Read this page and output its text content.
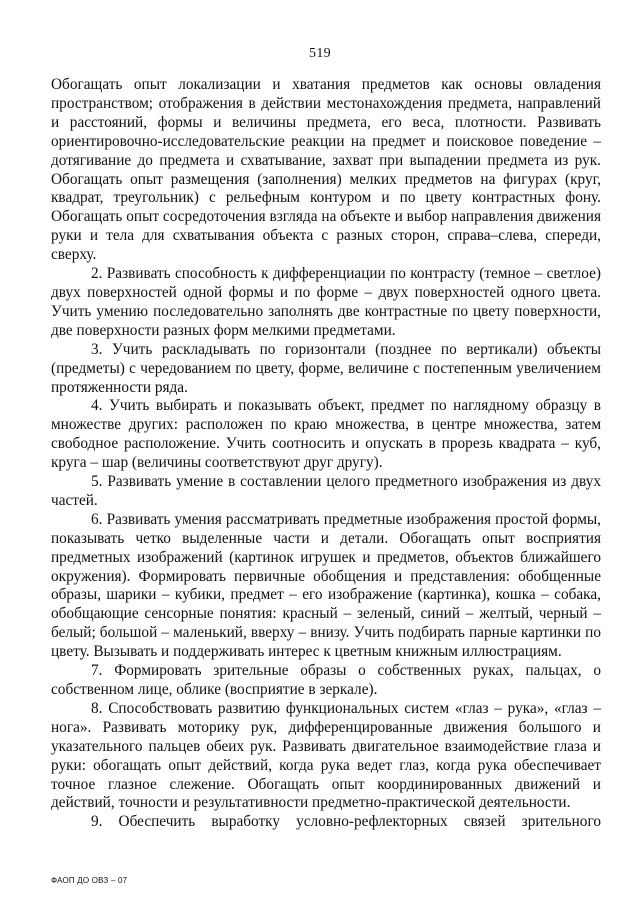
519

Обогащать опыт локализации и хватания предметов как основы овладения пространством; отображения в действии местонахождения предмета, направлений и расстояний, формы и величины предмета, его веса, плотности. Развивать ориентировочно-исследовательские реакции на предмет и поисковое поведение – дотягивание до предмета и схватывание, захват при выпадении предмета из рук. Обогащать опыт размещения (заполнения) мелких предметов на фигурах (круг, квадрат, треугольник) с рельефным контуром и по цвету контрастных фону. Обогащать опыт сосредоточения взгляда на объекте и выбор направления движения руки и тела для схватывания объекта с разных сторон, справа–слева, спереди, сверху.

2. Развивать способность к дифференциации по контрасту (темное – светлое) двух поверхностей одной формы и по форме – двух поверхностей одного цвета. Учить умению последовательно заполнять две контрастные по цвету поверхности, две поверхности разных форм мелкими предметами.

3. Учить раскладывать по горизонтали (позднее по вертикали) объекты (предметы) с чередованием по цвету, форме, величине с постепенным увеличением протяженности ряда.

4. Учить выбирать и показывать объект, предмет по наглядному образцу в множестве других: расположен по краю множества, в центре множества, затем свободное расположение. Учить соотносить и опускать в прорезь квадрата – куб, круга – шар (величины соответствуют друг другу).

5. Развивать умение в составлении целого предметного изображения из двух частей.

6. Развивать умения рассматривать предметные изображения простой формы, показывать четко выделенные части и детали. Обогащать опыт восприятия предметных изображений (картинок игрушек и предметов, объектов ближайшего окружения). Формировать первичные обобщения и представления: обобщенные образы, шарики – кубики, предмет – его изображение (картинка), кошка – собака, обобщающие сенсорные понятия: красный – зеленый, синий – желтый, черный – белый; большой – маленький, вверху – внизу. Учить подбирать парные картинки по цвету. Вызывать и поддерживать интерес к цветным книжным иллюстрациям.

7. Формировать зрительные образы о собственных руках, пальцах, о собственном лице, облике (восприятие в зеркале).

8. Способствовать развитию функциональных систем «глаз – рука», «глаз – нога». Развивать моторику рук, дифференцированные движения большого и указательного пальцев обеих рук. Развивать двигательное взаимодействие глаза и руки: обогащать опыт действий, когда рука ведет глаз, когда рука обеспечивает точное глазное слежение. Обогащать опыт координированных движений и действий, точности и результативности предметно-практической деятельности.

9. Обеспечить выработку условно-рефлекторных связей зрительного

ФАОП ДО ОВЗ – 07
